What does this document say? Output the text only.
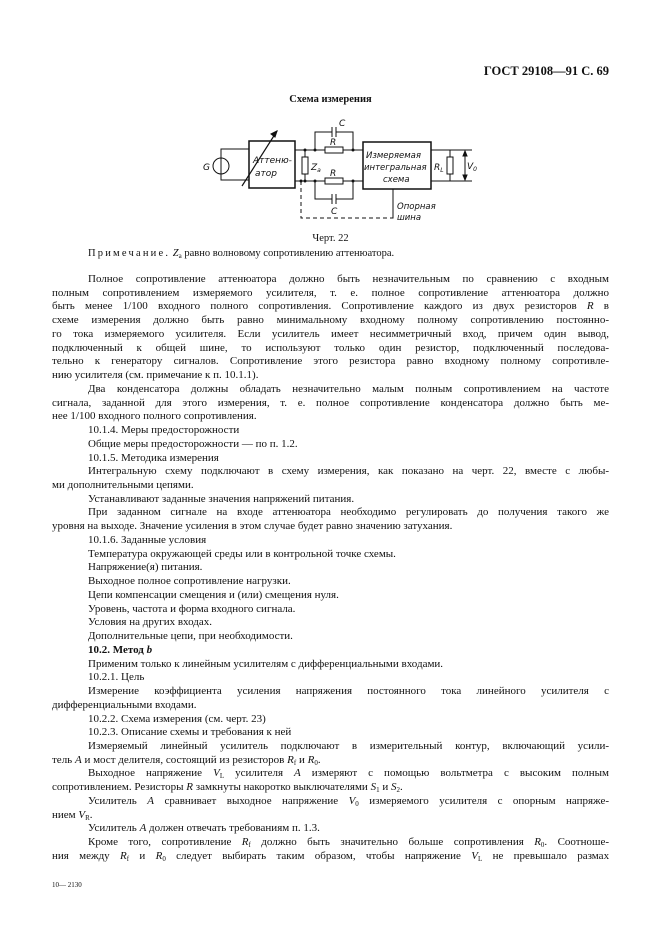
ГОСТ 29108—91 С. 69
Схема измерения
G
Аттеню-
атор
$Z_a$
R
R
C
C
Измеряемая
интегральная
схема
$R_L$	$V_0$
Опорная
шина
Черт. 22
Примечание. $Z_a$ равно волновому сопротивлению аттенюатора.
Полное сопротивление аттенюатора должно быть незначительным по сравнению с входным
полным сопротивлением измеряемого усилителя, т. е. полное сопротивление аттенюатора должно
быть менее 1/100 входного полного сопротивления. Сопротивление каждого из двух резисторов R в
схеме измерения должно быть равно минимальному входному полному сопротивлению постоянно-
го тока измеряемого усилителя. Если усилитель имеет несимметричный вход, причем один вывод,
подключенный к общей шине, то используют только один резистор, подключенный последова-
тельно к генератору сигналов. Сопротивление этого резистора равно входному полному сопротивле-
нию усилителя (см. примечание к п. 10.1.1).
Два конденсатора должны обладать незначительно малым полным сопротивлением на частоте
сигнала, заданной для этого измерения, т. е. полное сопротивление конденсатора должно быть ме-
нее 1/100 входного полного сопротивления.
10.1.4. Меры предосторожности
Общие меры предосторожности — по п. 1.2.
10.1.5. Методика измерения
Интегральную схему подключают в схему измерения, как показано на черт. 22, вместе с любы-
ми дополнительными цепями.
Устанавливают заданные значения напряжений питания.
При заданном сигнале на входе аттенюатора необходимо регулировать до получения такого же
уровня на выходе. Значение усиления в этом случае будет равно значению затухания.
10.1.6. Заданные условия
Температура окружающей среды или в контрольной точке схемы.
Напряжение(я) питания.
Выходное полное сопротивление нагрузки.
Цепи компенсации смещения и (или) смещения нуля.
Уровень, частота и форма входного сигнала.
Условия на других входах.
Дополнительные цепи, при необходимости.
10.2. Метод b
Применим только к линейным усилителям с дифференциальными входами.
10.2.1. Цель
Измерение коэффициента усиления напряжения постоянного тока линейного усилителя с
дифференциальными входами.
10.2.2. Схема измерения (см. черт. 23)
10.2.3. Описание схемы и требования к ней
Измеряемый линейный усилитель подключают в измерительный контур, включающий усили-
тель A и мост делителя, состоящий из резисторов $R_f$ и $R_0$.
Выходное напряжение $V_L$ усилителя A измеряют с помощью вольтметра с высоким полным
сопротивлением. Резисторы R замкнуты накоротко выключателями $S_1$ и $S_2$.
Усилитель A сравнивает выходное напряжение $V_0$ измеряемого усилителя с опорным напряже-
нием $V_R$.
Усилитель A должен отвечать требованиям п. 1.3.
Кроме того, сопротивление $R_f$ должно быть значительно больше сопротивления $R_0$. Соотноше-
ния между $R_f$ и $R_0$ следует выбирать таким образом, чтобы напряжение $V_L$ не превышало размах
10— 2130
